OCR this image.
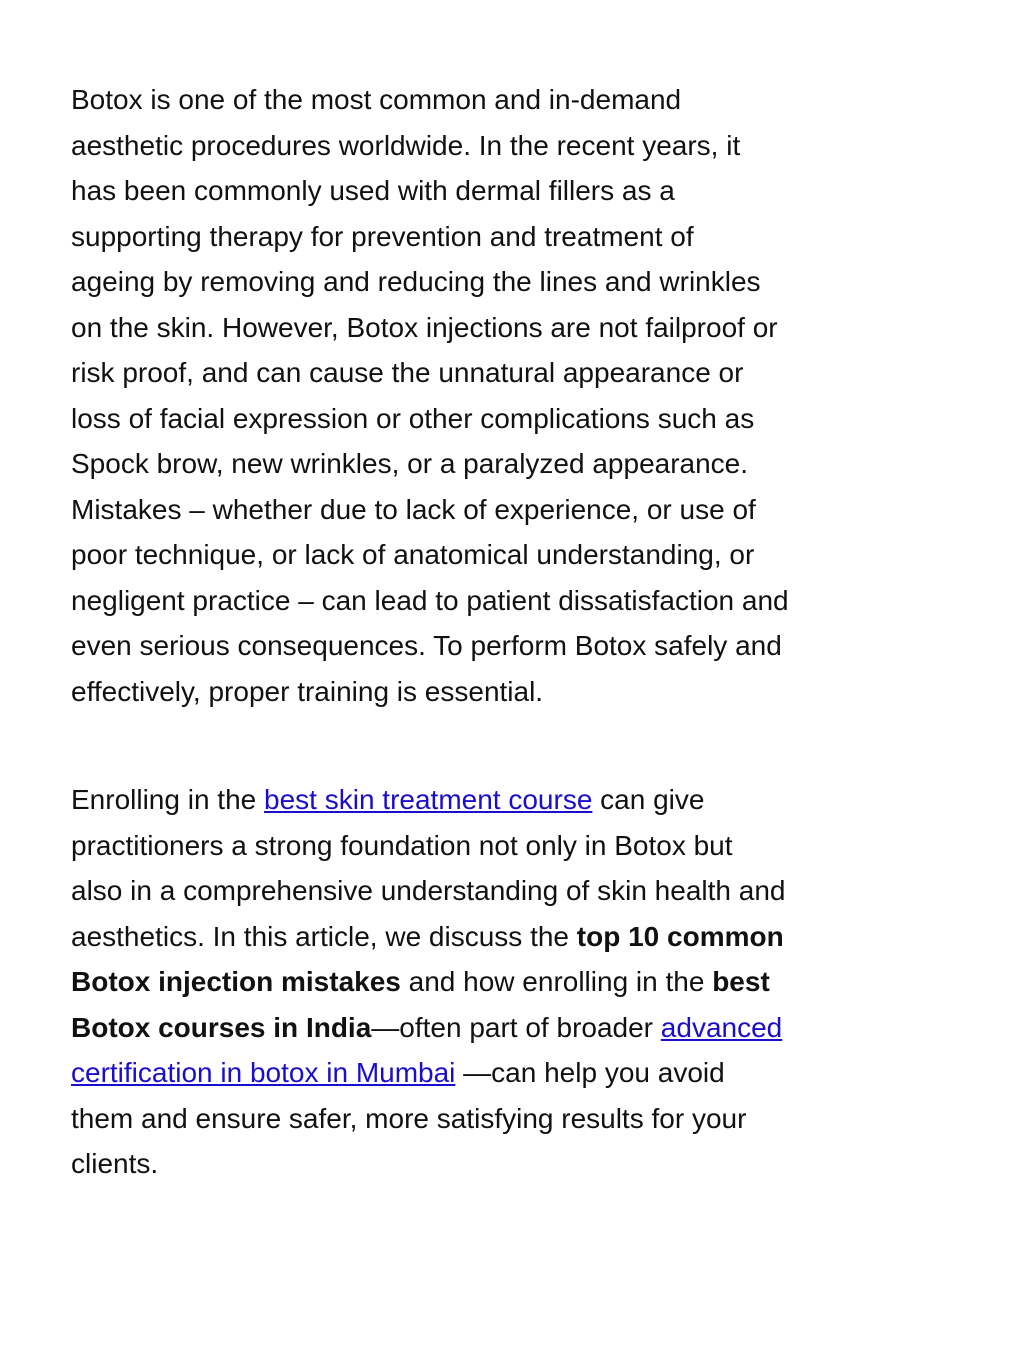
Botox is one of the most common and in-demand
aesthetic procedures worldwide. In the recent years, it
has been commonly used with dermal fillers as a
supporting therapy for prevention and treatment of
ageing by removing and reducing the lines and wrinkles
on the skin. However, Botox injections are not failproof or
risk proof, and can cause the unnatural appearance or
loss of facial expression or other complications such as
Spock brow, new wrinkles, or a paralyzed appearance.
Mistakes – whether due to lack of experience, or use of
poor technique, or lack of anatomical understanding, or
negligent practice – can lead to patient dissatisfaction and
even serious consequences. To perform Botox safely and
effectively, proper training is essential.

Enrolling in the best skin treatment course can give
practitioners a strong foundation not only in Botox but
also in a comprehensive understanding of skin health and
aesthetics. In this article, we discuss the top 10 common
Botox injection mistakes and how enrolling in the best
Botox courses in India—often part of broader advanced
certification in botox in Mumbai —can help you avoid
them and ensure safer, more satisfying results for your
clients.
